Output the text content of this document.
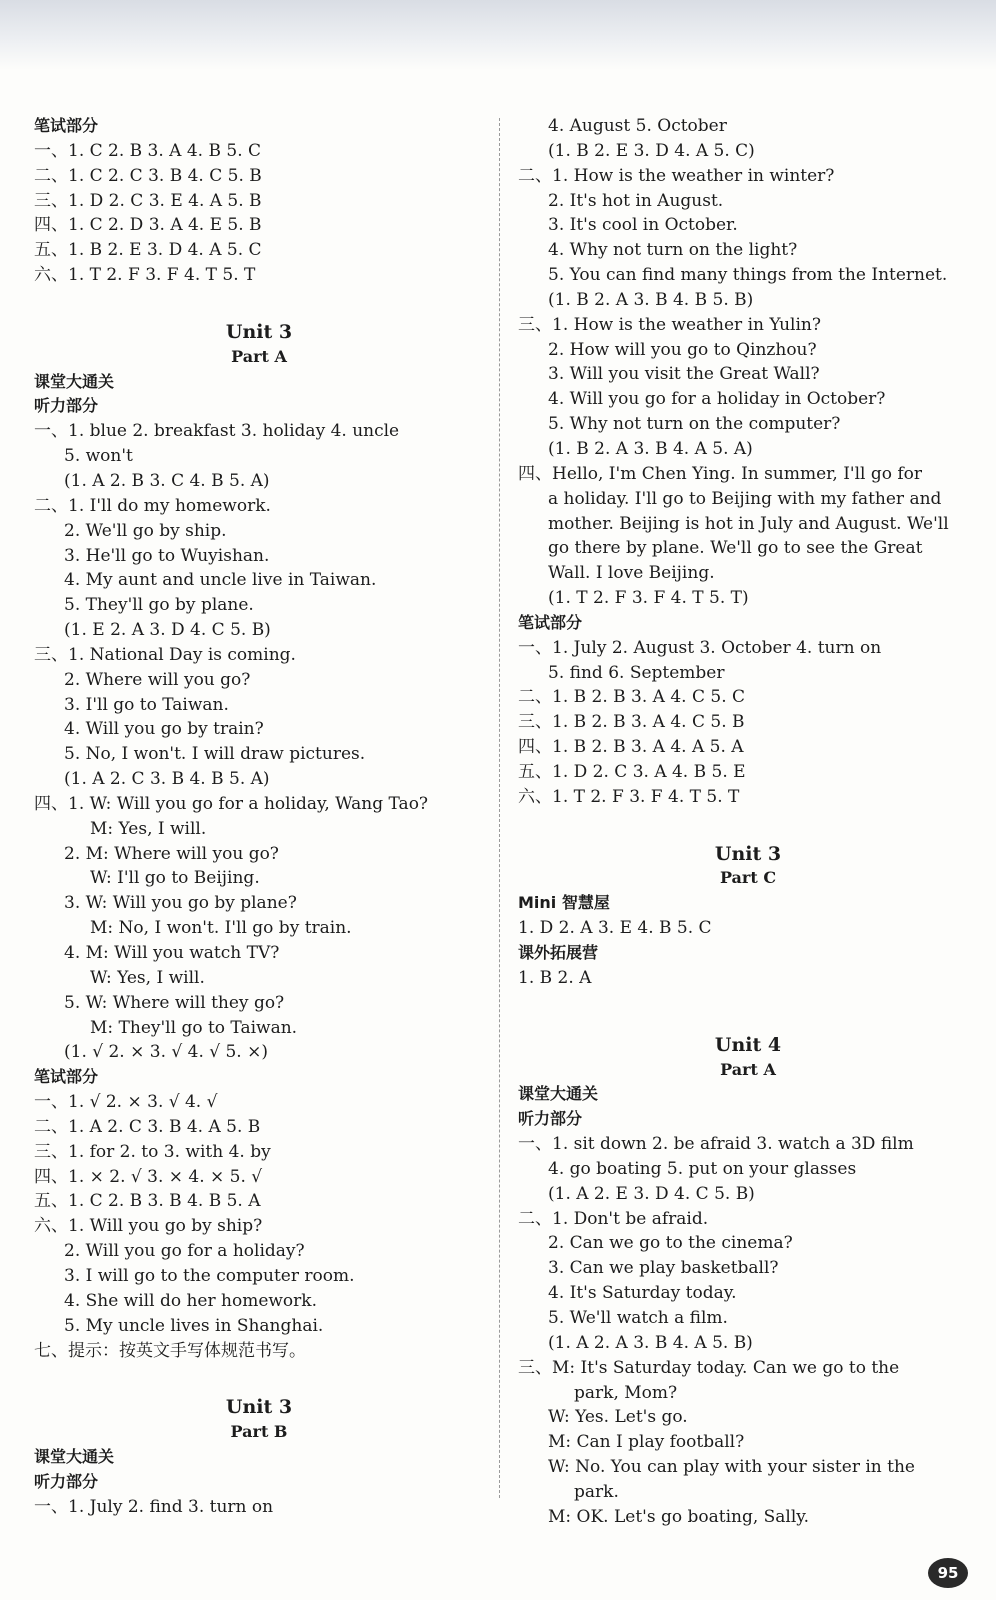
笔试部分
一、1. C 2. B 3. A 4. B 5. C
二、1. C 2. C 3. B 4. C 5. B
三、1. D 2. C 3. E 4. A 5. B
四、1. C 2. D 3. A 4. E 5. B
五、1. B 2. E 3. D 4. A 5. C
六、1. T 2. F 3. F 4. T 5. T
Unit 3
Part A
课堂大通关
听力部分
一、1. blue 2. breakfast 3. holiday 4. uncle
5. won't
(1. A 2. B 3. C 4. B 5. A)
二、1. I'll do my homework.
2. We'll go by ship.
3. He'll go to Wuyishan.
4. My aunt and uncle live in Taiwan.
5. They'll go by plane.
(1. E 2. A 3. D 4. C 5. B)
三、1. National Day is coming.
2. Where will you go?
3. I'll go to Taiwan.
4. Will you go by train?
5. No, I won't. I will draw pictures.
(1. A 2. C 3. B 4. B 5. A)
四、1. W: Will you go for a holiday, Wang Tao?
M: Yes, I will.
2. M: Where will you go?
W: I'll go to Beijing.
3. W: Will you go by plane?
M: No, I won't. I'll go by train.
4. M: Will you watch TV?
W: Yes, I will.
5. W: Where will they go?
M: They'll go to Taiwan.
(1. √ 2. × 3. √ 4. √ 5. ×)
笔试部分
一、1. √ 2. × 3. √ 4. √
二、1. A 2. C 3. B 4. A 5. B
三、1. for 2. to 3. with 4. by
四、1. × 2. √ 3. × 4. × 5. √
五、1. C 2. B 3. B 4. B 5. A
六、1. Will you go by ship?
2. Will you go for a holiday?
3. I will go to the computer room.
4. She will do her homework.
5. My uncle lives in Shanghai.
七、提示：按英文手写体规范书写。
Unit 3
Part B
课堂大通关
听力部分
一、1. July 2. find 3. turn on
4. August 5. October
(1. B 2. E 3. D 4. A 5. C)
二、1. How is the weather in winter?
2. It's hot in August.
3. It's cool in October.
4. Why not turn on the light?
5. You can find many things from the Internet.
(1. B 2. A 3. B 4. B 5. B)
三、1. How is the weather in Yulin?
2. How will you go to Qinzhou?
3. Will you visit the Great Wall?
4. Will you go for a holiday in October?
5. Why not turn on the computer?
(1. B 2. A 3. B 4. A 5. A)
四、Hello, I'm Chen Ying. In summer, I'll go for
a holiday. I'll go to Beijing with my father and
mother. Beijing is hot in July and August. We'll
go there by plane. We'll go to see the Great
Wall. I love Beijing.
(1. T 2. F 3. F 4. T 5. T)
笔试部分
一、1. July 2. August 3. October 4. turn on
5. find 6. September
二、1. B 2. B 3. A 4. C 5. C
三、1. B 2. B 3. A 4. C 5. B
四、1. B 2. B 3. A 4. A 5. A
五、1. D 2. C 3. A 4. B 5. E
六、1. T 2. F 3. F 4. T 5. T
Unit 3
Part C
Mini 智慧屋
1. D 2. A 3. E 4. B 5. C
课外拓展营
1. B 2. A
Unit 4
Part A
课堂大通关
听力部分
一、1. sit down 2. be afraid 3. watch a 3D film
4. go boating 5. put on your glasses
(1. A 2. E 3. D 4. C 5. B)
二、1. Don't be afraid.
2. Can we go to the cinema?
3. Can we play basketball?
4. It's Saturday today.
5. We'll watch a film.
(1. A 2. A 3. B 4. A 5. B)
三、M: It's Saturday today. Can we go to the
park, Mom?
W: Yes. Let's go.
M: Can I play football?
W: No. You can play with your sister in the
park.
M: OK. Let's go boating, Sally.
95
